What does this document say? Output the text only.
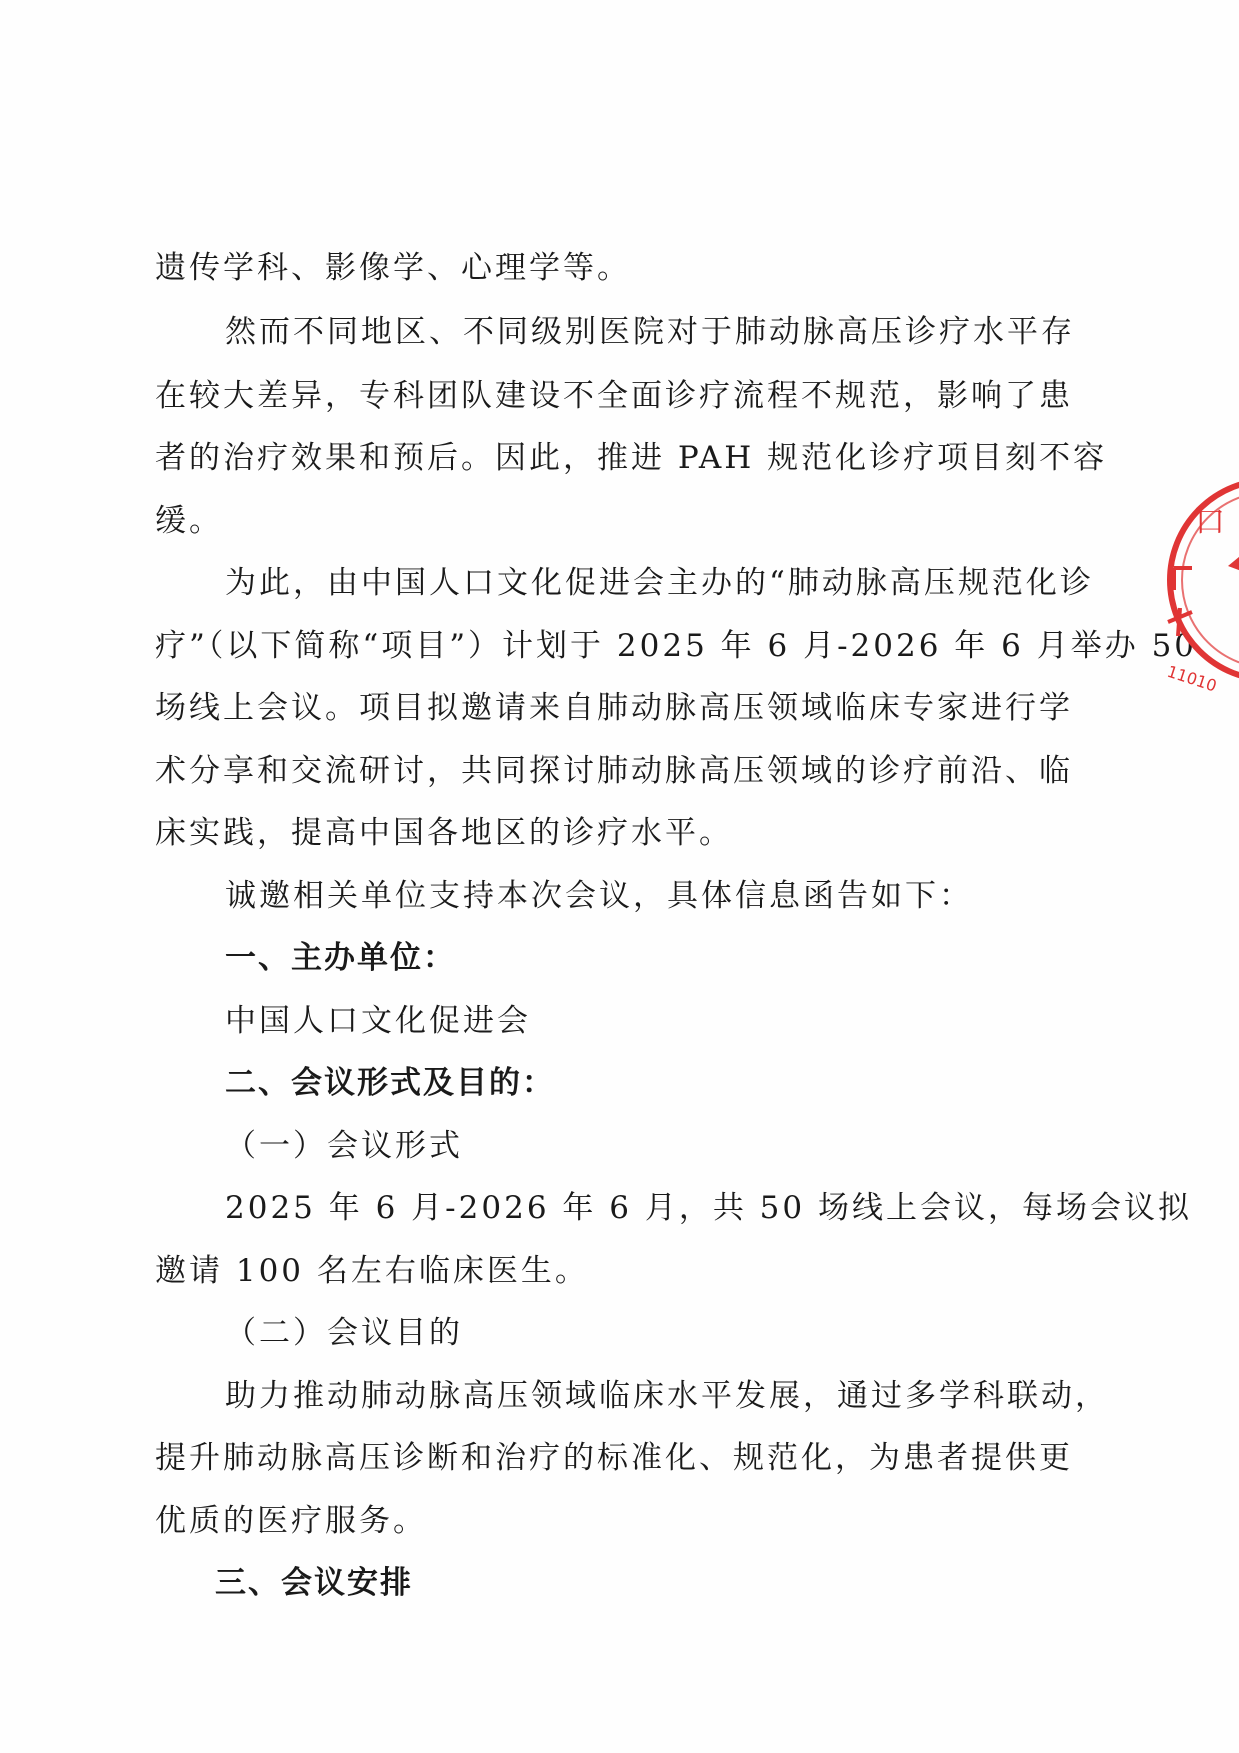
遗传学科、影像学、心理学等。
然而不同地区、不同级别医院对于肺动脉高压诊疗水平存
在较大差异，专科团队建设不全面诊疗流程不规范，影响了患
者的治疗效果和预后。因此，推进 PAH 规范化诊疗项目刻不容
缓。
为此，由中国人口文化促进会主办的“肺动脉高压规范化诊
疗”（以下简称“项目”）计划于 2025 年 6 月-2026 年 6 月举办 50
场线上会议。项目拟邀请来自肺动脉高压领域临床专家进行学
术分享和交流研讨，共同探讨肺动脉高压领域的诊疗前沿、临
床实践，提高中国各地区的诊疗水平。
诚邀相关单位支持本次会议，具体信息函告如下：
一、主办单位：
中国人口文化促进会
二、会议形式及目的：
（一）会议形式
2025 年 6 月-2026 年 6 月，共 50 场线上会议，每场会议拟
邀请 100 名左右临床医生。
（二）会议目的
助力推动肺动脉高压领域临床水平发展，通过多学科联动，
提升肺动脉高压诊断和治疗的标准化、规范化，为患者提供更
优质的医疗服务。
三、会议安排
口
11010
